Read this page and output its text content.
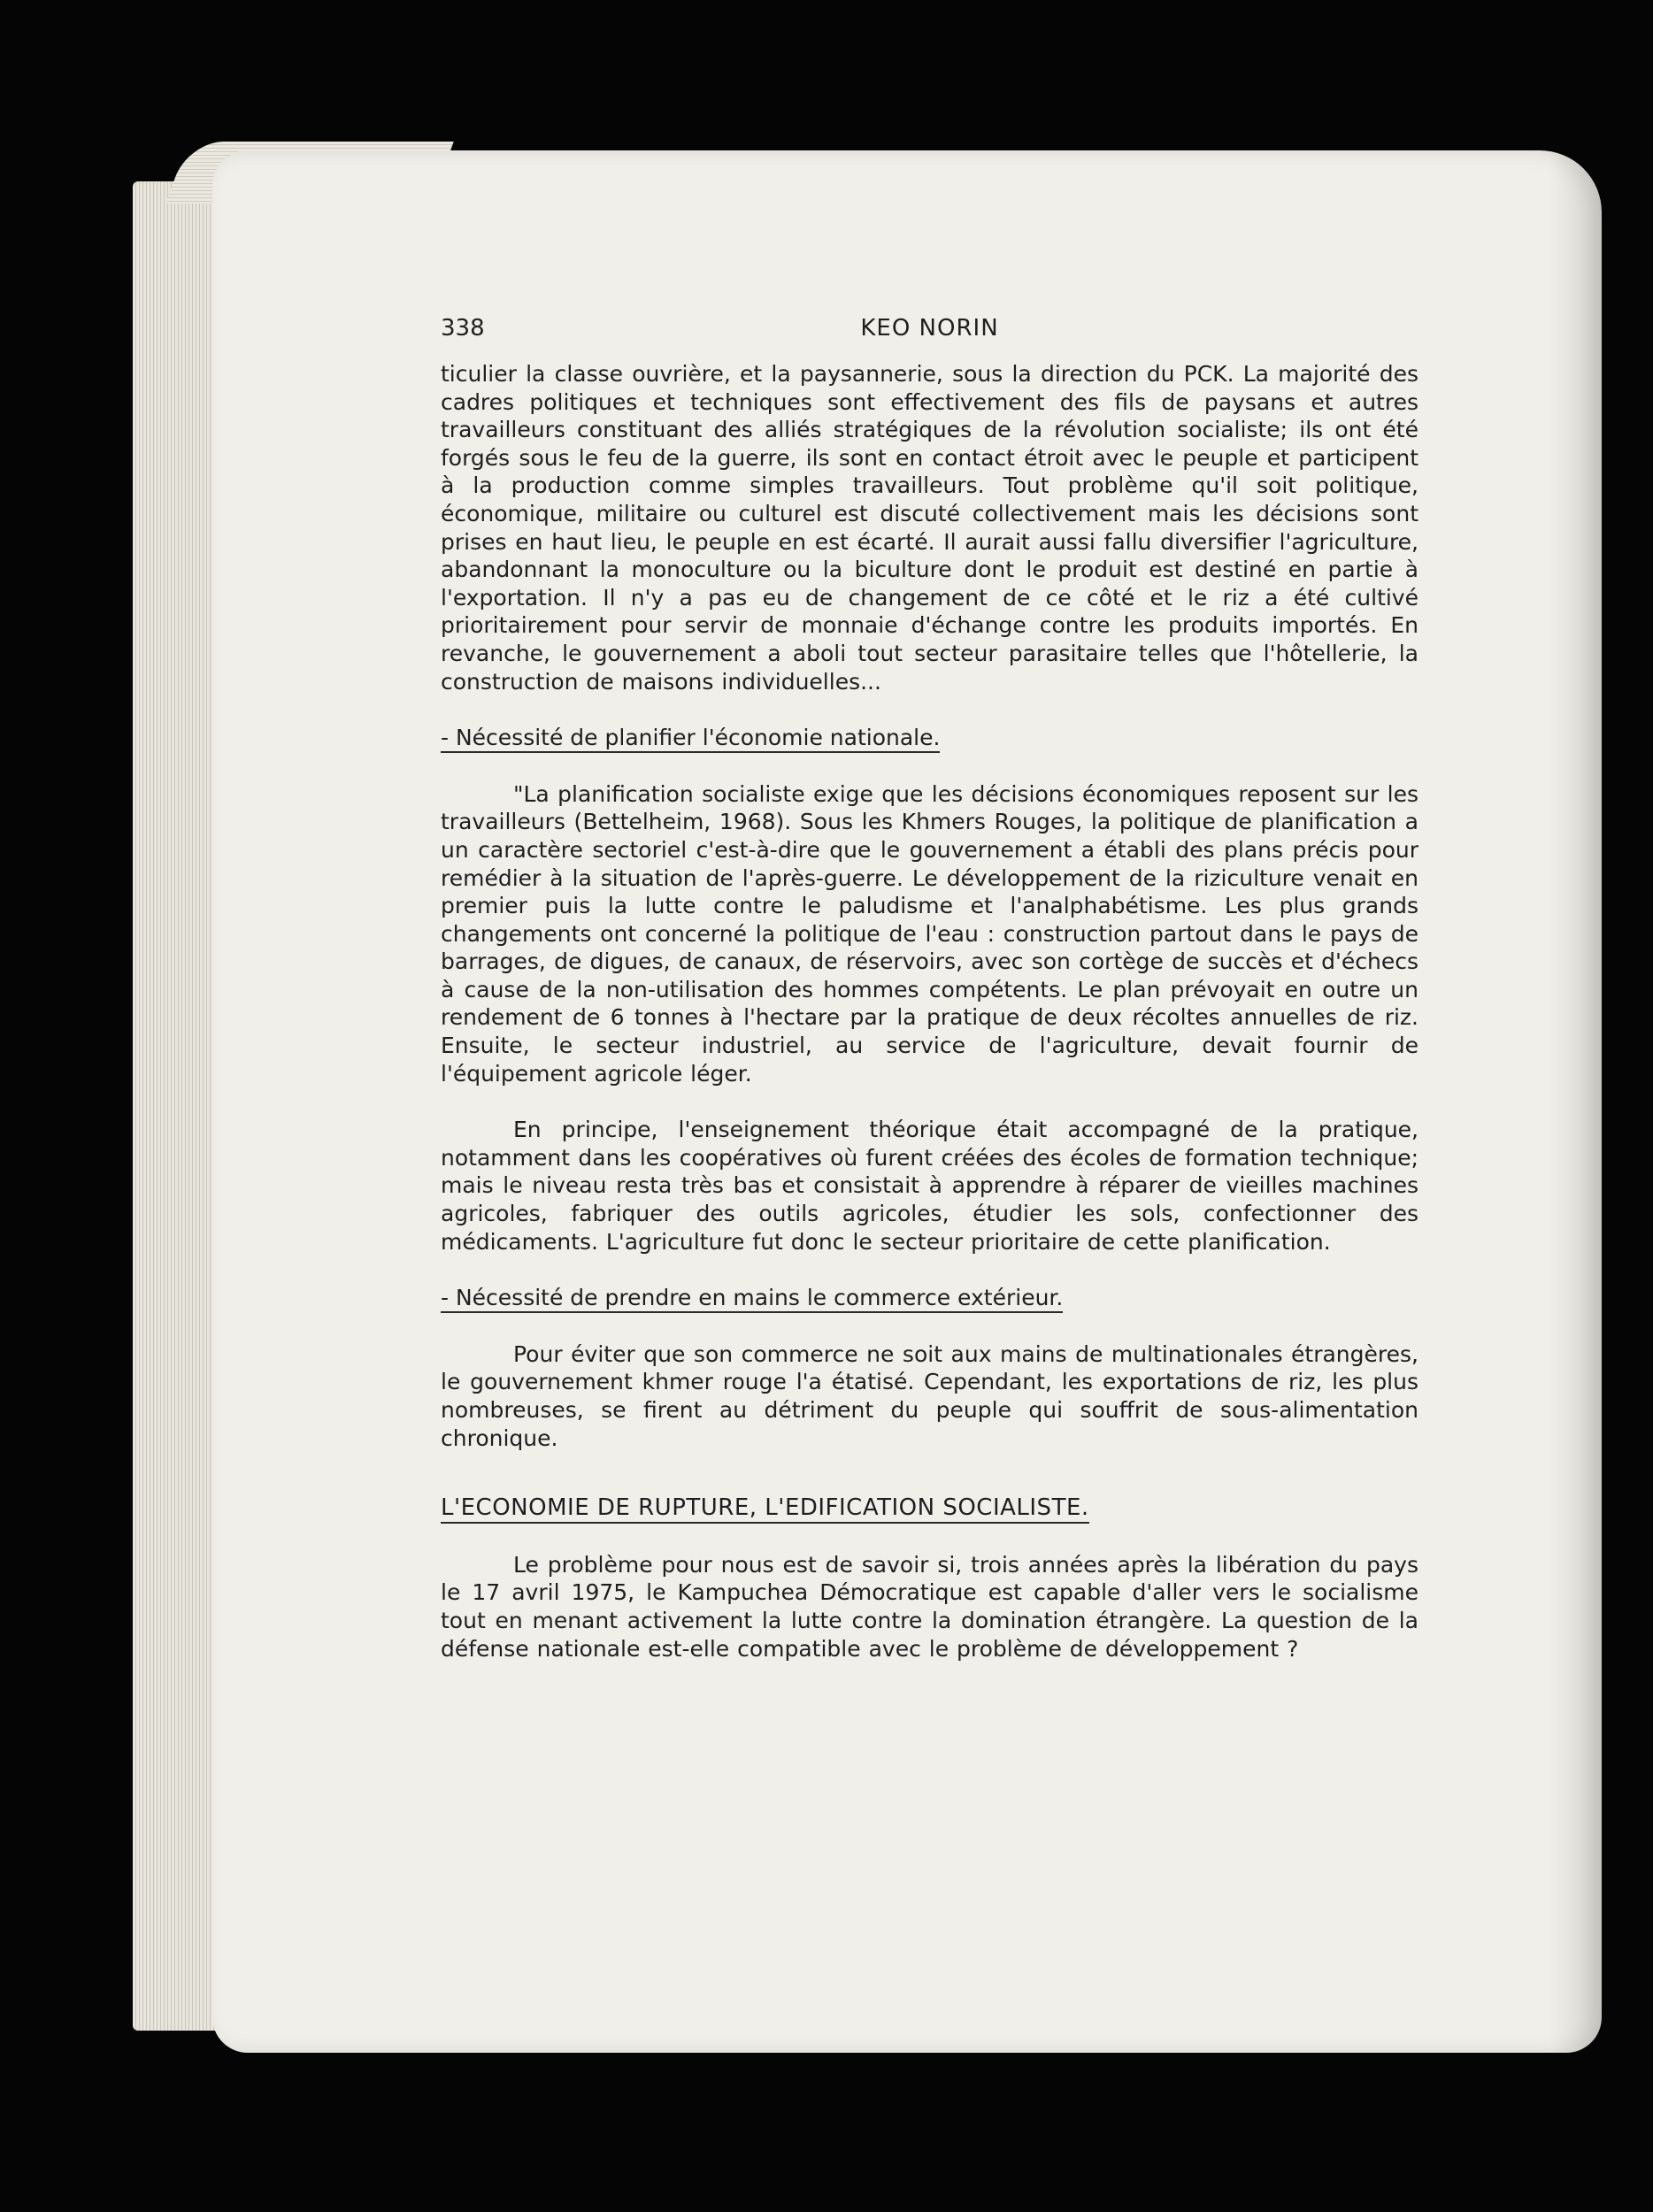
338	KEO NORIN

ticulier la classe ouvrière, et la paysannerie, sous la direction du PCK. La majorité des cadres politiques et techniques sont effectivement des fils de paysans et autres travailleurs constituant des alliés stratégiques de la révolution socialiste; ils ont été forgés sous le feu de la guerre, ils sont en contact étroit avec le peuple et participent à la production comme simples travailleurs. Tout problème qu'il soit politique, économique, militaire ou culturel est discuté collectivement mais les décisions sont prises en haut lieu, le peuple en est écarté. Il aurait aussi fallu diversifier l'agriculture, abandonnant la monoculture ou la biculture dont le produit est destiné en partie à l'exportation. Il n'y a pas eu de changement de ce côté et le riz a été cultivé prioritairement pour servir de monnaie d'échange contre les produits importés. En revanche, le gouvernement a aboli tout secteur parasitaire telles que l'hôtellerie, la construction de maisons individuelles...

- Nécessité de planifier l'économie nationale.

"La planification socialiste exige que les décisions économiques reposent sur les travailleurs (Bettelheim, 1968). Sous les Khmers Rouges, la politique de planification a un caractère sectoriel c'est-à-dire que le gouvernement a établi des plans précis pour remédier à la situation de l'après-guerre. Le développement de la riziculture venait en premier puis la lutte contre le paludisme et l'analphabétisme. Les plus grands changements ont concerné la politique de l'eau : construction partout dans le pays de barrages, de digues, de canaux, de réservoirs, avec son cortège de succès et d'échecs à cause de la non-utilisation des hommes compétents. Le plan prévoyait en outre un rendement de 6 tonnes à l'hectare par la pratique de deux récoltes annuelles de riz. Ensuite, le secteur industriel, au service de l'agriculture, devait fournir de l'équipement agricole léger.

En principe, l'enseignement théorique était accompagné de la pratique, notamment dans les coopératives où furent créées des écoles de formation technique; mais le niveau resta très bas et consistait à apprendre à réparer de vieilles machines agricoles, fabriquer des outils agricoles, étudier les sols, confectionner des médicaments. L'agriculture fut donc le secteur prioritaire de cette planification.

- Nécessité de prendre en mains le commerce extérieur.

Pour éviter que son commerce ne soit aux mains de multinationales étrangères, le gouvernement khmer rouge l'a étatisé. Cependant, les exportations de riz, les plus nombreuses, se firent au détriment du peuple qui souffrit de sous-alimentation chronique.

L'ECONOMIE DE RUPTURE, L'EDIFICATION SOCIALISTE.

Le problème pour nous est de savoir si, trois années après la libération du pays le 17 avril 1975, le Kampuchea Démocratique est capable d'aller vers le socialisme tout en menant activement la lutte contre la domination étrangère. La question de la défense nationale est-elle compatible avec le problème de développement ?
